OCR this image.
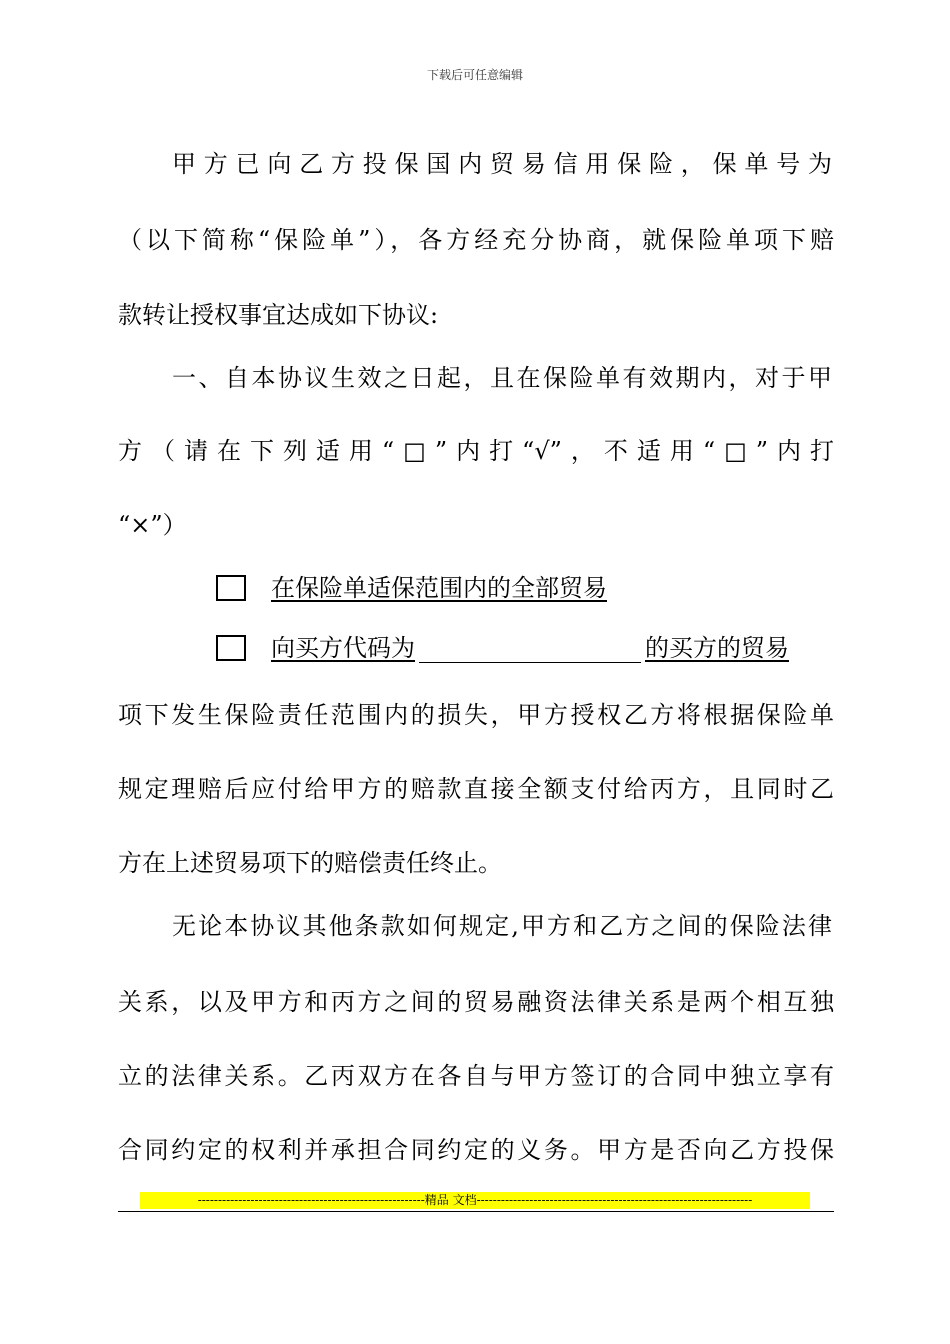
下载后可任意编辑
甲方已向乙方投保国内贸易信用保险，保单号为
（以下简称“保险单”），各方经充分协商，就保险单项下赔
款转让授权事宜达成如下协议:
一、自本协议生效之日起，且在保险单有效期内，对于甲
方（请在下列适用“□”内打“√”，不适用“□”内打
“×”）
在保险单适保范围内的全部贸易
向买方代码为	的买方的贸易
项下发生保险责任范围内的损失，甲方授权乙方将根据保险单
规定理赔后应付给甲方的赔款直接全额支付给丙方，且同时乙
方在上述贸易项下的赔偿责任终止。
无论本协议其他条款如何规定,甲方和乙方之间的保险法律
关系，以及甲方和丙方之间的贸易融资法律关系是两个相互独
立的法律关系。乙丙双方在各自与甲方签订的合同中独立享有
合同约定的权利并承担合同约定的义务。甲方是否向乙方投保
--------------------------------------------------------精品 文档--------------------------------------------------------------------
